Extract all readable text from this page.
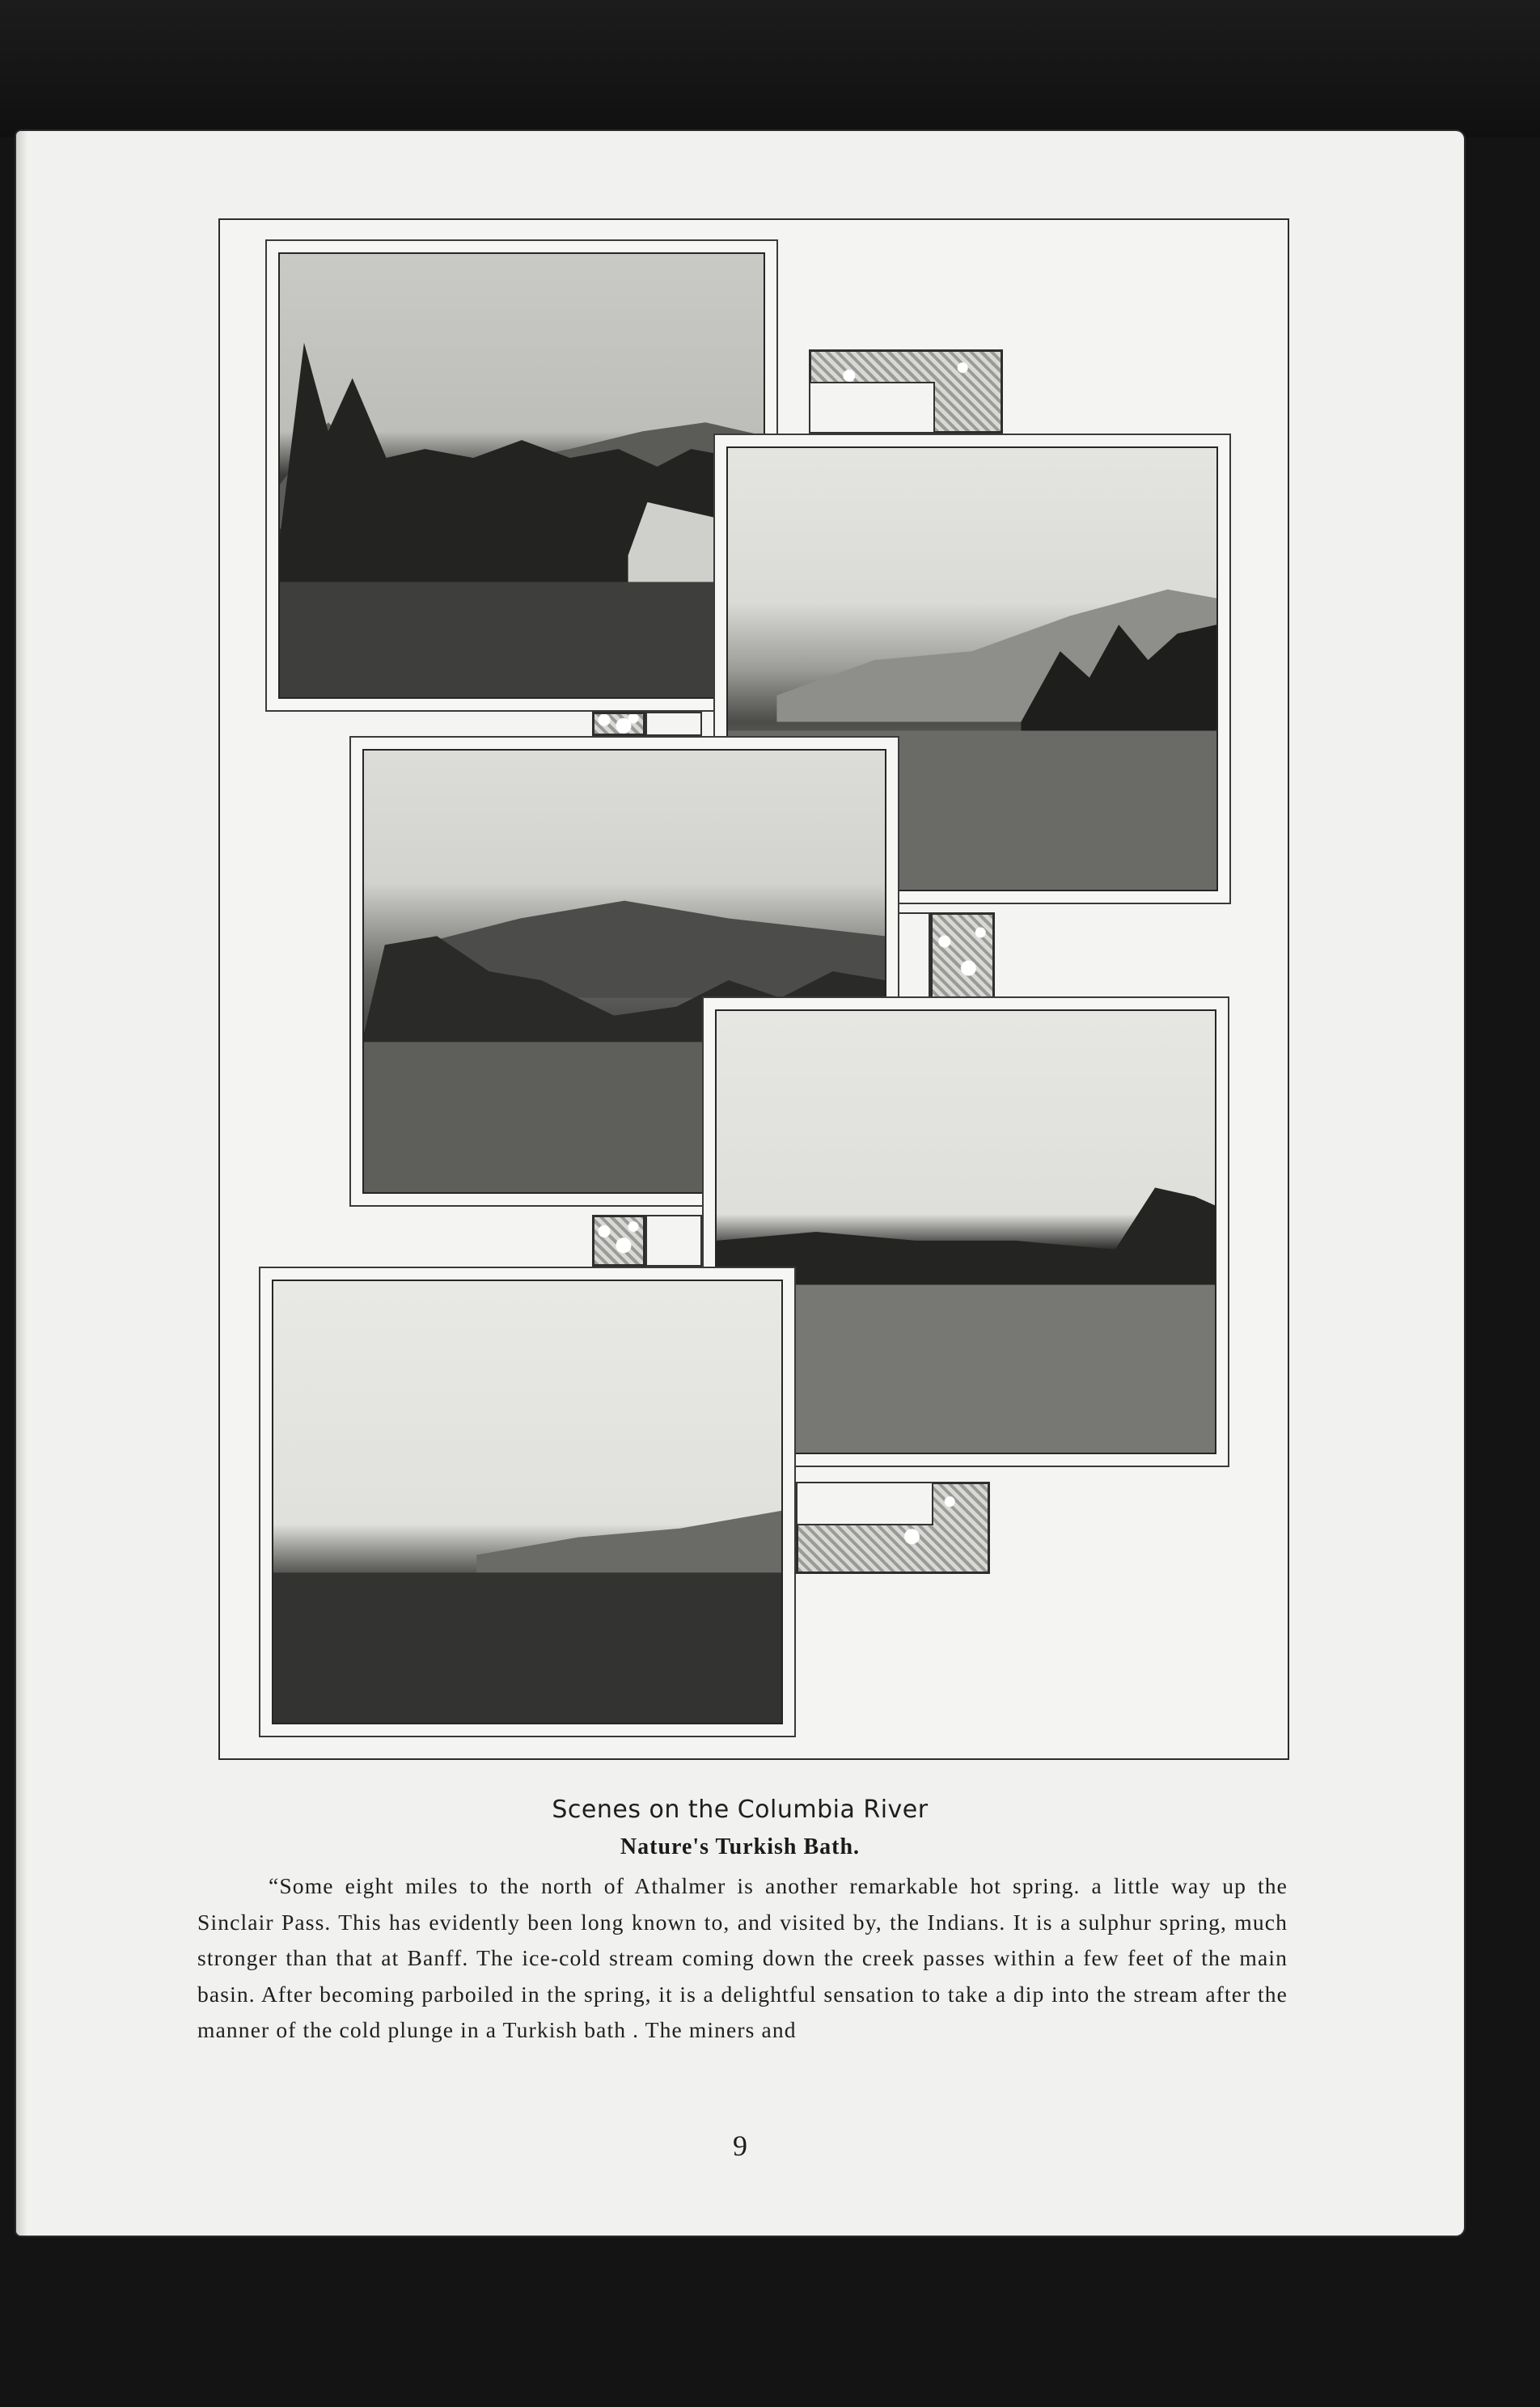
Scenes on the Columbia River
Nature's Turkish Bath.
“Some eight miles to the north of Athalmer is another remarkable hot spring. a little way up the Sinclair Pass. This has evidently been long known to, and visited by, the Indians. It is a sulphur spring, much stronger than that at Banff. The ice-cold stream coming down the creek passes within a few feet of the main basin. After becoming parboiled in the spring, it is a delightful sensation to take a dip into the stream after the manner of the cold plunge in a Turkish bath . The miners and
9
